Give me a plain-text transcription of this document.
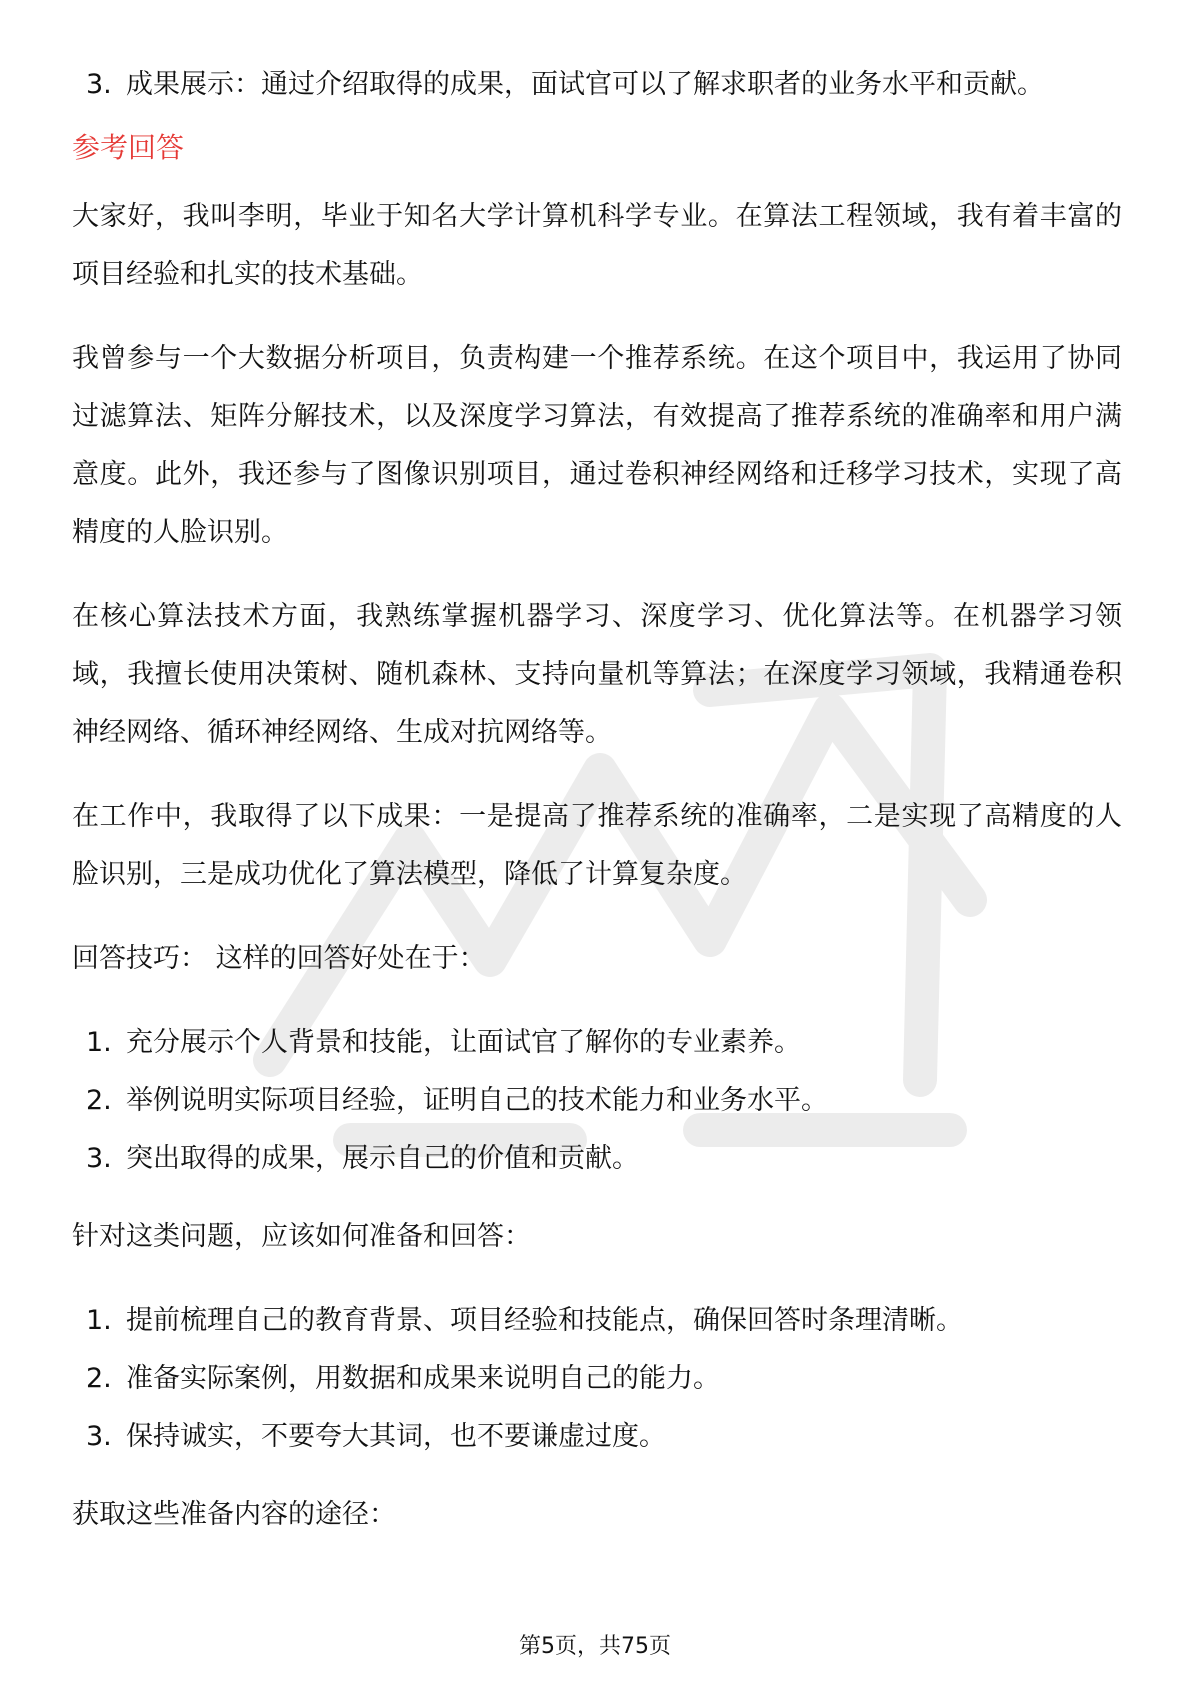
3. 成果展示：通过介绍取得的成果，面试官可以了解求职者的业务水平和贡献。
参考回答

大家好，我叫李明，毕业于知名大学计算机科学专业。在算法工程领域，我有着丰富的项目经验和扎实的技术基础。

我曾参与一个大数据分析项目，负责构建一个推荐系统。在这个项目中，我运用了协同过滤算法、矩阵分解技术，以及深度学习算法，有效提高了推荐系统的准确率和用户满意度。此外，我还参与了图像识别项目，通过卷积神经网络和迁移学习技术，实现了高精度的人脸识别。

在核心算法技术方面，我熟练掌握机器学习、深度学习、优化算法等。在机器学习领域，我擅长使用决策树、随机森林、支持向量机等算法；在深度学习领域，我精通卷积神经网络、循环神经网络、生成对抗网络等。

在工作中，我取得了以下成果：一是提高了推荐系统的准确率，二是实现了高精度的人脸识别，三是成功优化了算法模型，降低了计算复杂度。

回答技巧： 这样的回答好处在于：

1. 充分展示个人背景和技能，让面试官了解你的专业素养。
2. 举例说明实际项目经验，证明自己的技术能力和业务水平。
3. 突出取得的成果，展示自己的价值和贡献。

针对这类问题，应该如何准备和回答：

1. 提前梳理自己的教育背景、项目经验和技能点，确保回答时条理清晰。
2. 准备实际案例，用数据和成果来说明自己的能力。
3. 保持诚实，不要夸大其词，也不要谦虚过度。

获取这些准备内容的途径：

第5页，共75页
